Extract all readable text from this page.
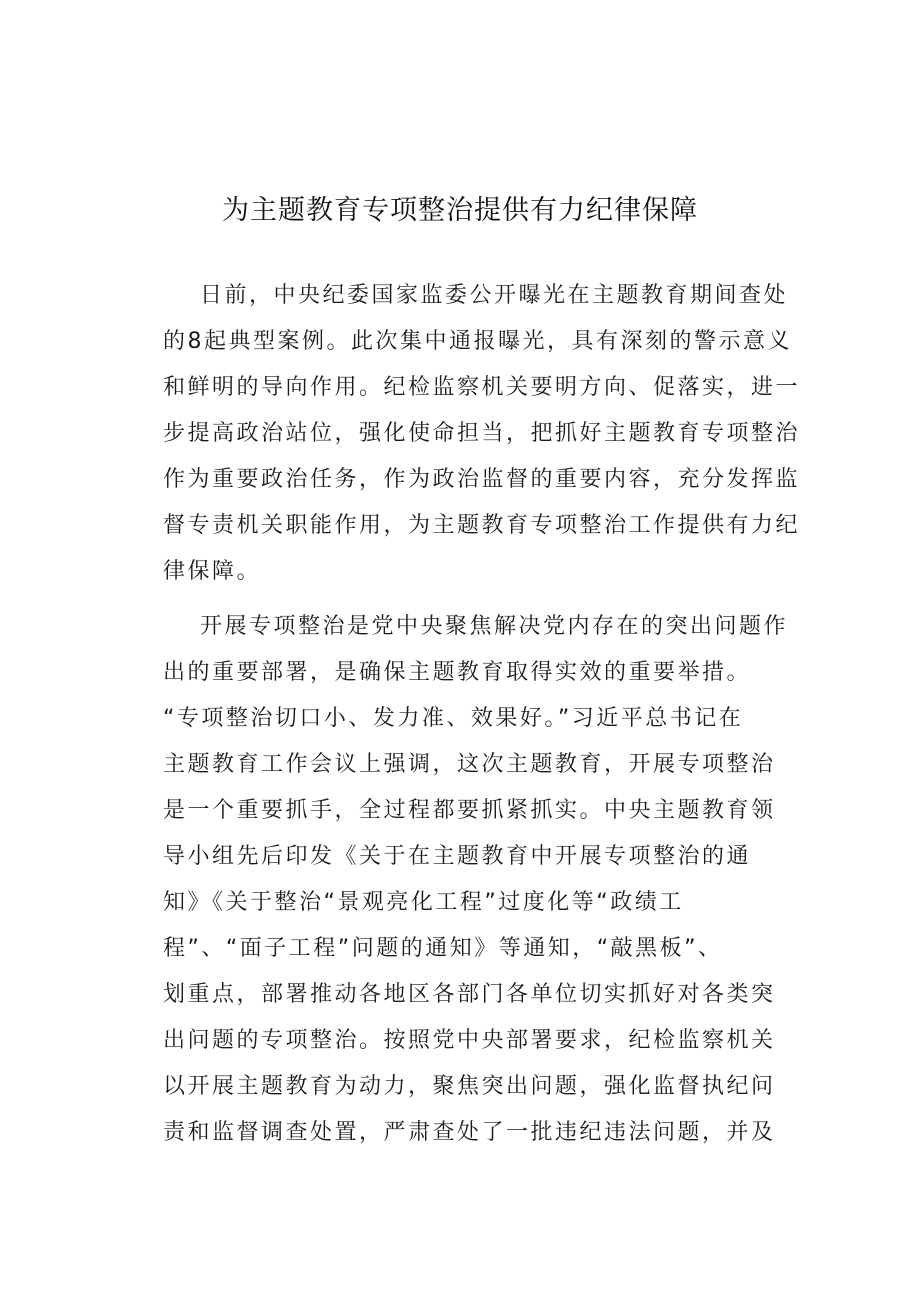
为主题教育专项整治提供有力纪律保障
日前，中央纪委国家监委公开曝光在主题教育期间查处
的8起典型案例。此次集中通报曝光，具有深刻的警示意义
和鲜明的导向作用。纪检监察机关要明方向、促落实，进一
步提高政治站位，强化使命担当，把抓好主题教育专项整治
作为重要政治任务，作为政治监督的重要内容，充分发挥监
督专责机关职能作用，为主题教育专项整治工作提供有力纪
律保障。
开展专项整治是党中央聚焦解决党内存在的突出问题作
出的重要部署，是确保主题教育取得实效的重要举措。
“专项整治切口小、发力准、效果好。”习近平总书记在
主题教育工作会议上强调，这次主题教育，开展专项整治
是一个重要抓手，全过程都要抓紧抓实。中央主题教育领
导小组先后印发《关于在主题教育中开展专项整治的通
知》《关于整治“景观亮化工程”过度化等“政绩工
程”、“面子工程”问题的通知》等通知，“敲黑板”、
划重点，部署推动各地区各部门各单位切实抓好对各类突
出问题的专项整治。按照党中央部署要求，纪检监察机关
以开展主题教育为动力，聚焦突出问题，强化监督执纪问
责和监督调查处置，严肃查处了一批违纪违法问题，并及
